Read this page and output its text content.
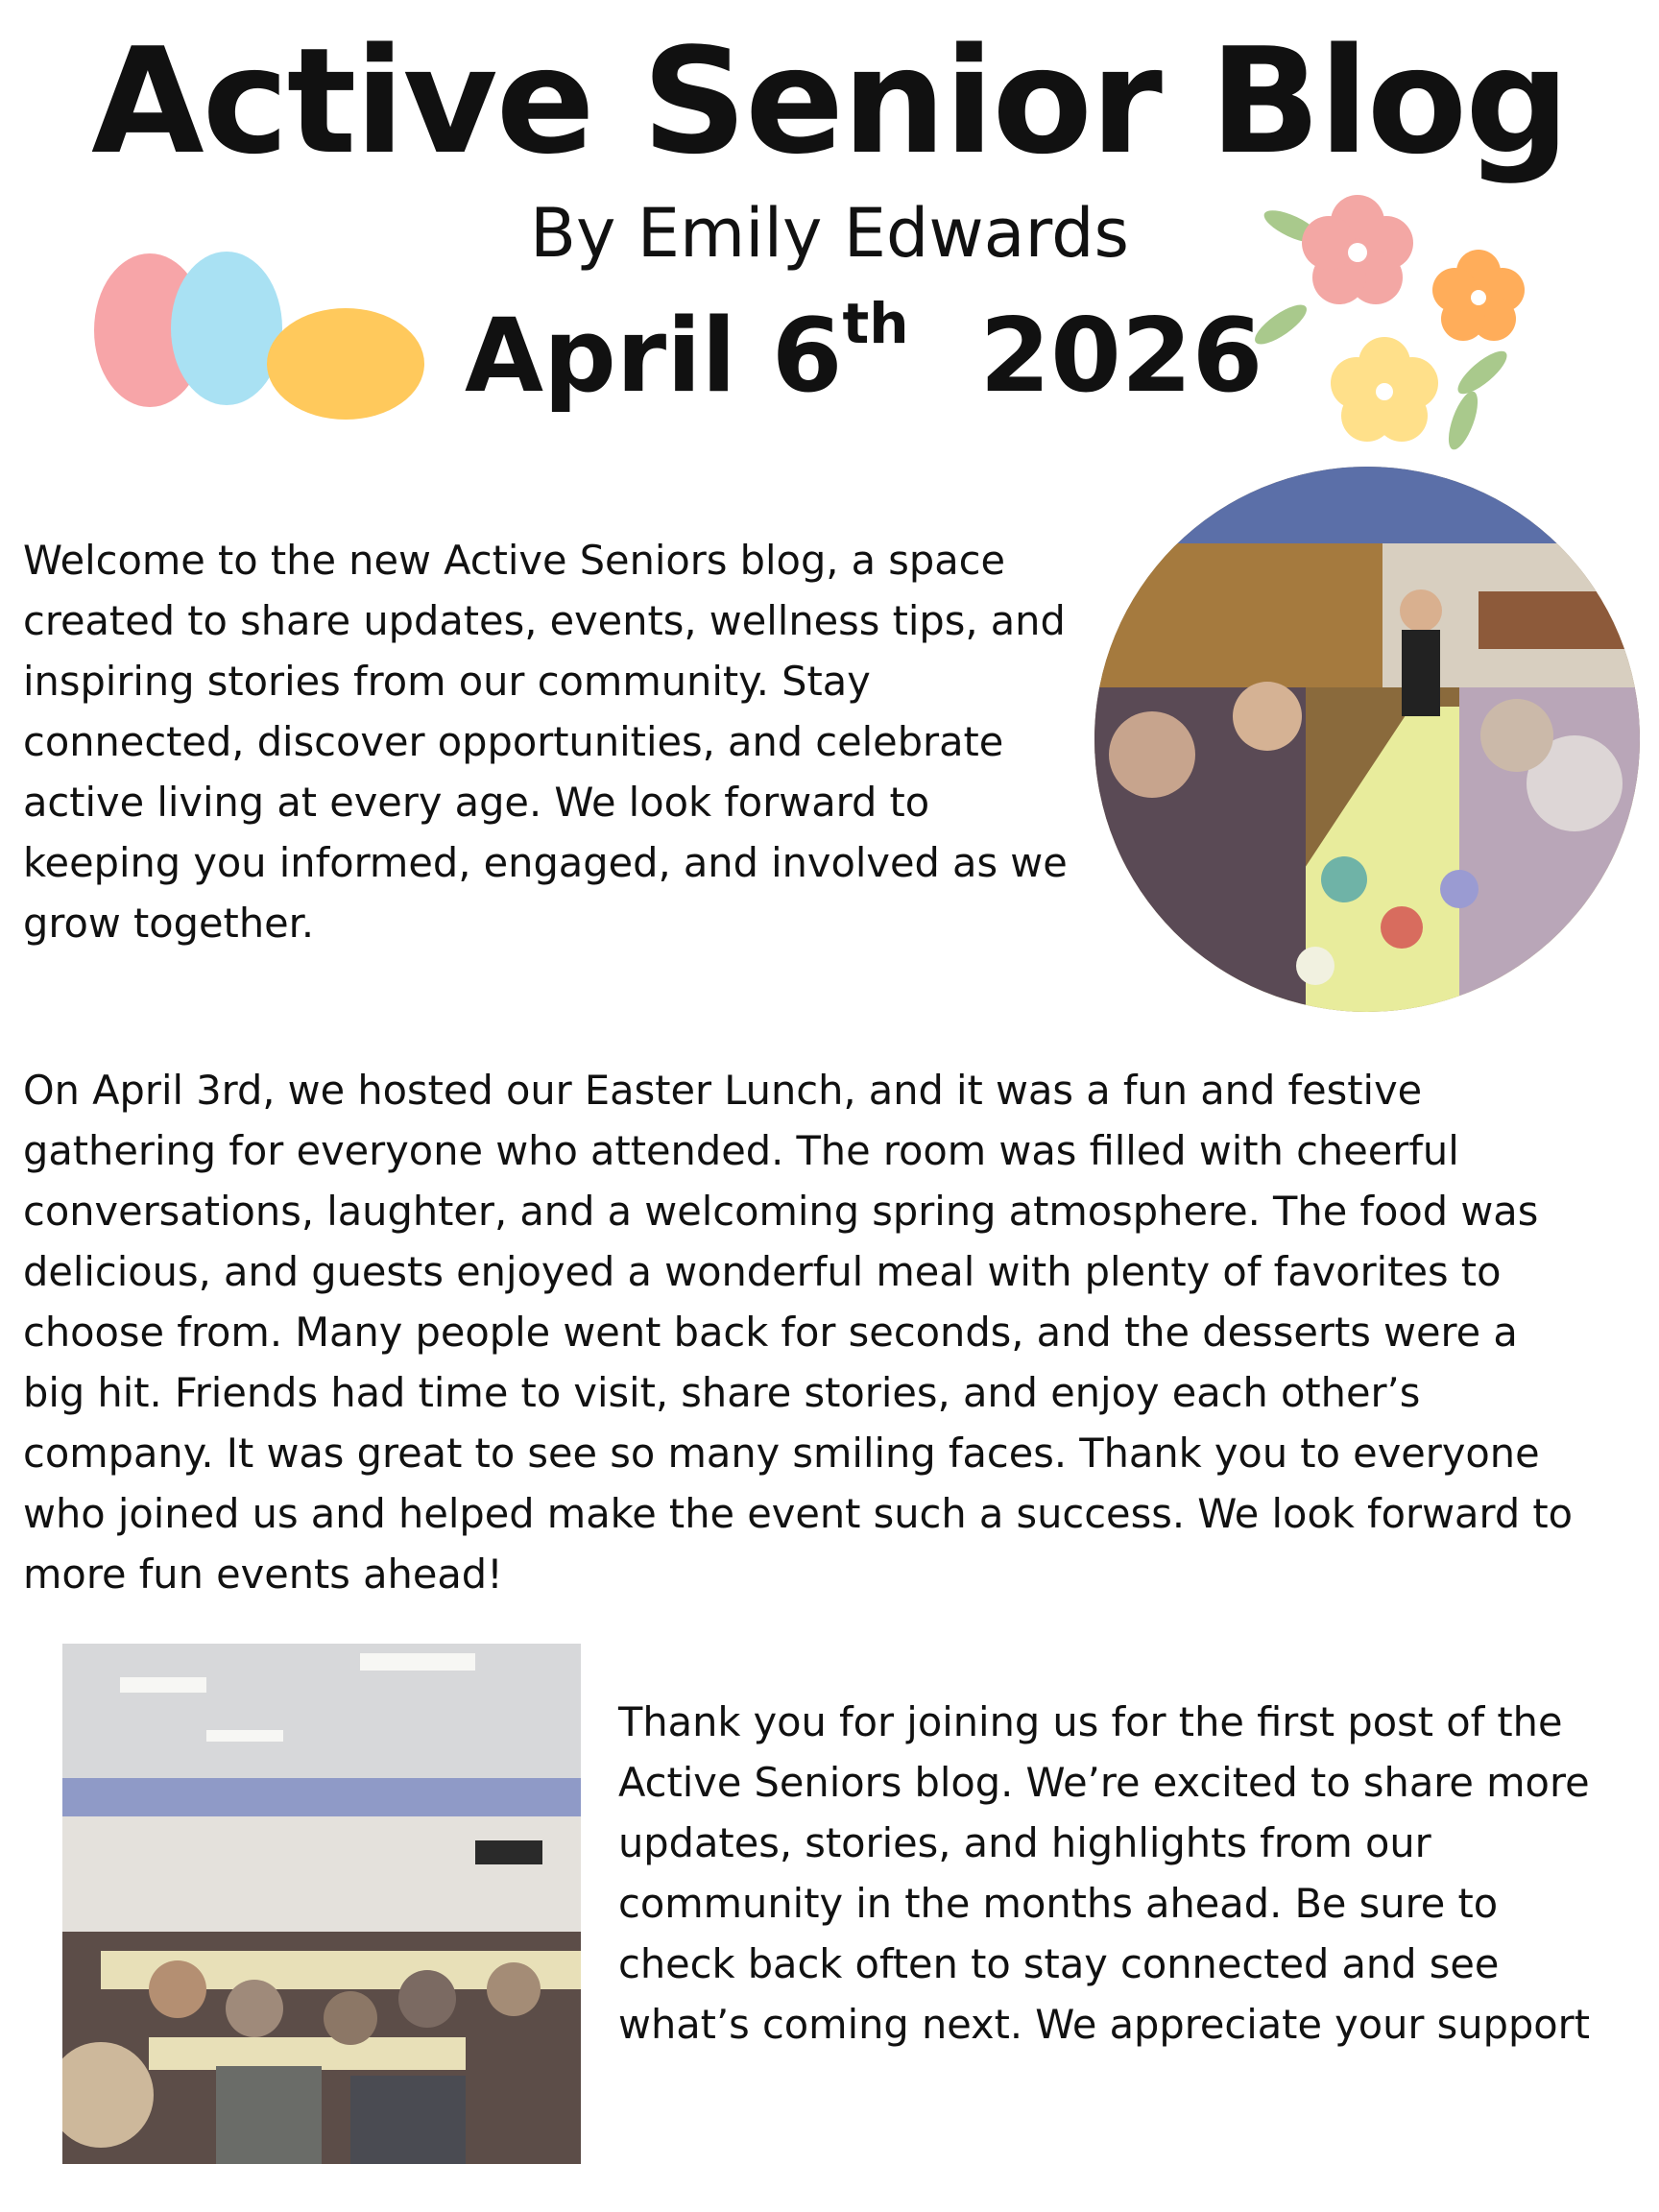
Active Senior Blog
By Emily Edwards
April 6th 2026
Welcome to the new Active Seniors blog, a space created to share updates, events, wellness tips, and inspiring stories from our community. Stay connected, discover opportunities, and celebrate active living at every age. We look forward to keeping you informed, engaged, and involved as we grow together.
On April 3rd, we hosted our Easter Lunch, and it was a fun and festive gathering for everyone who attended. The room was filled with cheerful conversations, laughter, and a welcoming spring atmosphere. The food was delicious, and guests enjoyed a wonderful meal with plenty of favorites to choose from. Many people went back for seconds, and the desserts were a big hit. Friends had time to visit, share stories, and enjoy each other’s company. It was great to see so many smiling faces. Thank you to everyone who joined us and helped make the event such a success. We look forward to more fun events ahead!
Thank you for joining us for the first post of the Active Seniors blog. We’re excited to share more updates, stories, and highlights from our community in the months ahead. Be sure to check back often to stay connected and see what’s coming next. We appreciate your support
